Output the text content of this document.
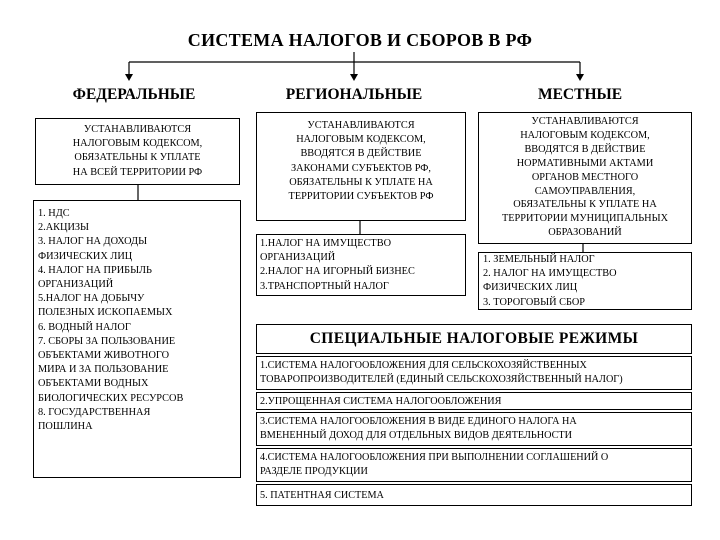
СИСТЕМА НАЛОГОВ И СБОРОВ В РФ
ФЕДЕРАЛЬНЫЕ	РЕГИОНАЛЬНЫЕ	МЕСТНЫЕ
УСТАНАВЛИВАЮТСЯ
НАЛОГОВЫМ КОДЕКСОМ,
ОБЯЗАТЕЛЬНЫ К УПЛАТЕ
НА ВСЕЙ ТЕРРИТОРИИ РФ
1. НДС
2.АКЦИЗЫ
3. НАЛОГ НА ДОХОДЫ
ФИЗИЧЕСКИХ ЛИЦ
4. НАЛОГ НА ПРИБЫЛЬ
ОРГАНИЗАЦИЙ
5.НАЛОГ НА ДОБЫЧУ
ПОЛЕЗНЫХ ИСКОПАЕМЫХ
6. ВОДНЫЙ НАЛОГ
7. СБОРЫ ЗА ПОЛЬЗОВАНИЕ
ОБЪЕКТАМИ ЖИВОТНОГО
МИРА И ЗА ПОЛЬЗОВАНИЕ
ОБЪЕКТАМИ ВОДНЫХ
БИОЛОГИЧЕСКИХ РЕСУРСОВ
8. ГОСУДАРСТВЕННАЯ
ПОШЛИНА
УСТАНАВЛИВАЮТСЯ
НАЛОГОВЫМ КОДЕКСОМ,
ВВОДЯТСЯ В ДЕЙСТВИЕ
ЗАКОНАМИ СУБЪЕКТОВ РФ,
ОБЯЗАТЕЛЬНЫ К УПЛАТЕ НА
ТЕРРИТОРИИ СУБЪЕКТОВ РФ
1.НАЛОГ НА ИМУЩЕСТВО
ОРГАНИЗАЦИЙ
2.НАЛОГ НА ИГОРНЫЙ БИЗНЕС
3.ТРАНСПОРТНЫЙ НАЛОГ
УСТАНАВЛИВАЮТСЯ
НАЛОГОВЫМ КОДЕКСОМ,
ВВОДЯТСЯ В ДЕЙСТВИЕ
НОРМАТИВНЫМИ АКТАМИ
ОРГАНОВ МЕСТНОГО
САМОУПРАВЛЕНИЯ,
ОБЯЗАТЕЛЬНЫ К УПЛАТЕ НА
ТЕРРИТОРИИ МУНИЦИПАЛЬНЫХ
ОБРАЗОВАНИЙ
1. ЗЕМЕЛЬНЫЙ НАЛОГ
2. НАЛОГ НА ИМУЩЕСТВО
ФИЗИЧЕСКИХ ЛИЦ
3. ТОРОГОВЫЙ СБОР
СПЕЦИАЛЬНЫЕ НАЛОГОВЫЕ РЕЖИМЫ
1.СИСТЕМА НАЛОГООБЛОЖЕНИЯ ДЛЯ СЕЛЬСКОХОЗЯЙСТВЕННЫХ
ТОВАРОПРОИЗВОДИТЕЛЕЙ (ЕДИНЫЙ СЕЛЬСКОХОЗЯЙСТВЕННЫЙ НАЛОГ)
2.УПРОЩЕННАЯ СИСТЕМА НАЛОГООБЛОЖЕНИЯ
3.СИСТЕМА НАЛОГООБЛОЖЕНИЯ В ВИДЕ ЕДИНОГО НАЛОГА НА
ВМЕНЕННЫЙ ДОХОД ДЛЯ ОТДЕЛЬНЫХ ВИДОВ ДЕЯТЕЛЬНОСТИ
4.СИСТЕМА НАЛОГООБЛОЖЕНИЯ ПРИ ВЫПОЛНЕНИИ СОГЛАШЕНИЙ О
РАЗДЕЛЕ ПРОДУКЦИИ
5. ПАТЕНТНАЯ СИСТЕМА
